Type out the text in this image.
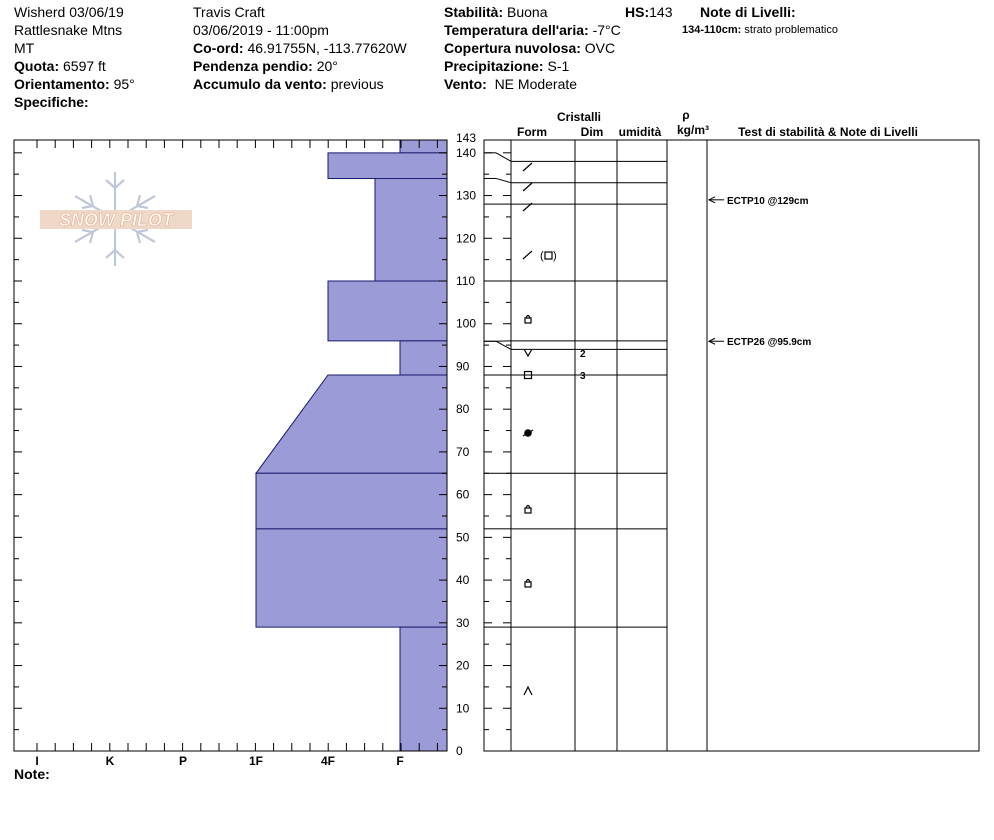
Wisherd 03/06/19
Rattlesnake Mtns
MT
Quota: 6597 ft
Orientamento: 95°
Specifiche:
Travis Craft
03/06/2019 - 11:00pm
Co-ord: 46.91755N, -113.77620W
Pendenza pendio: 20°
Accumulo da vento: previous
Stabilità: Buona
Temperatura dell'aria: -7°C
Copertura nuvolosa: OVC
Precipitazione: S-1
Vento: NE Moderate
HS:143 Note di Livelli:
134-110cm: strato problematico
Note:
SNOW PILOT
I	K	P	1F	4F	F
0
10
20
30
40
50
60
70
80
90
100
110
120
130
140
143
Cristalli
Form	Dim umidità
ρ
kg/m³ Test di stabilità & Note di Livelli
( )
2
3
ECTP10 @129cm
ECTP26 @95.9cm
